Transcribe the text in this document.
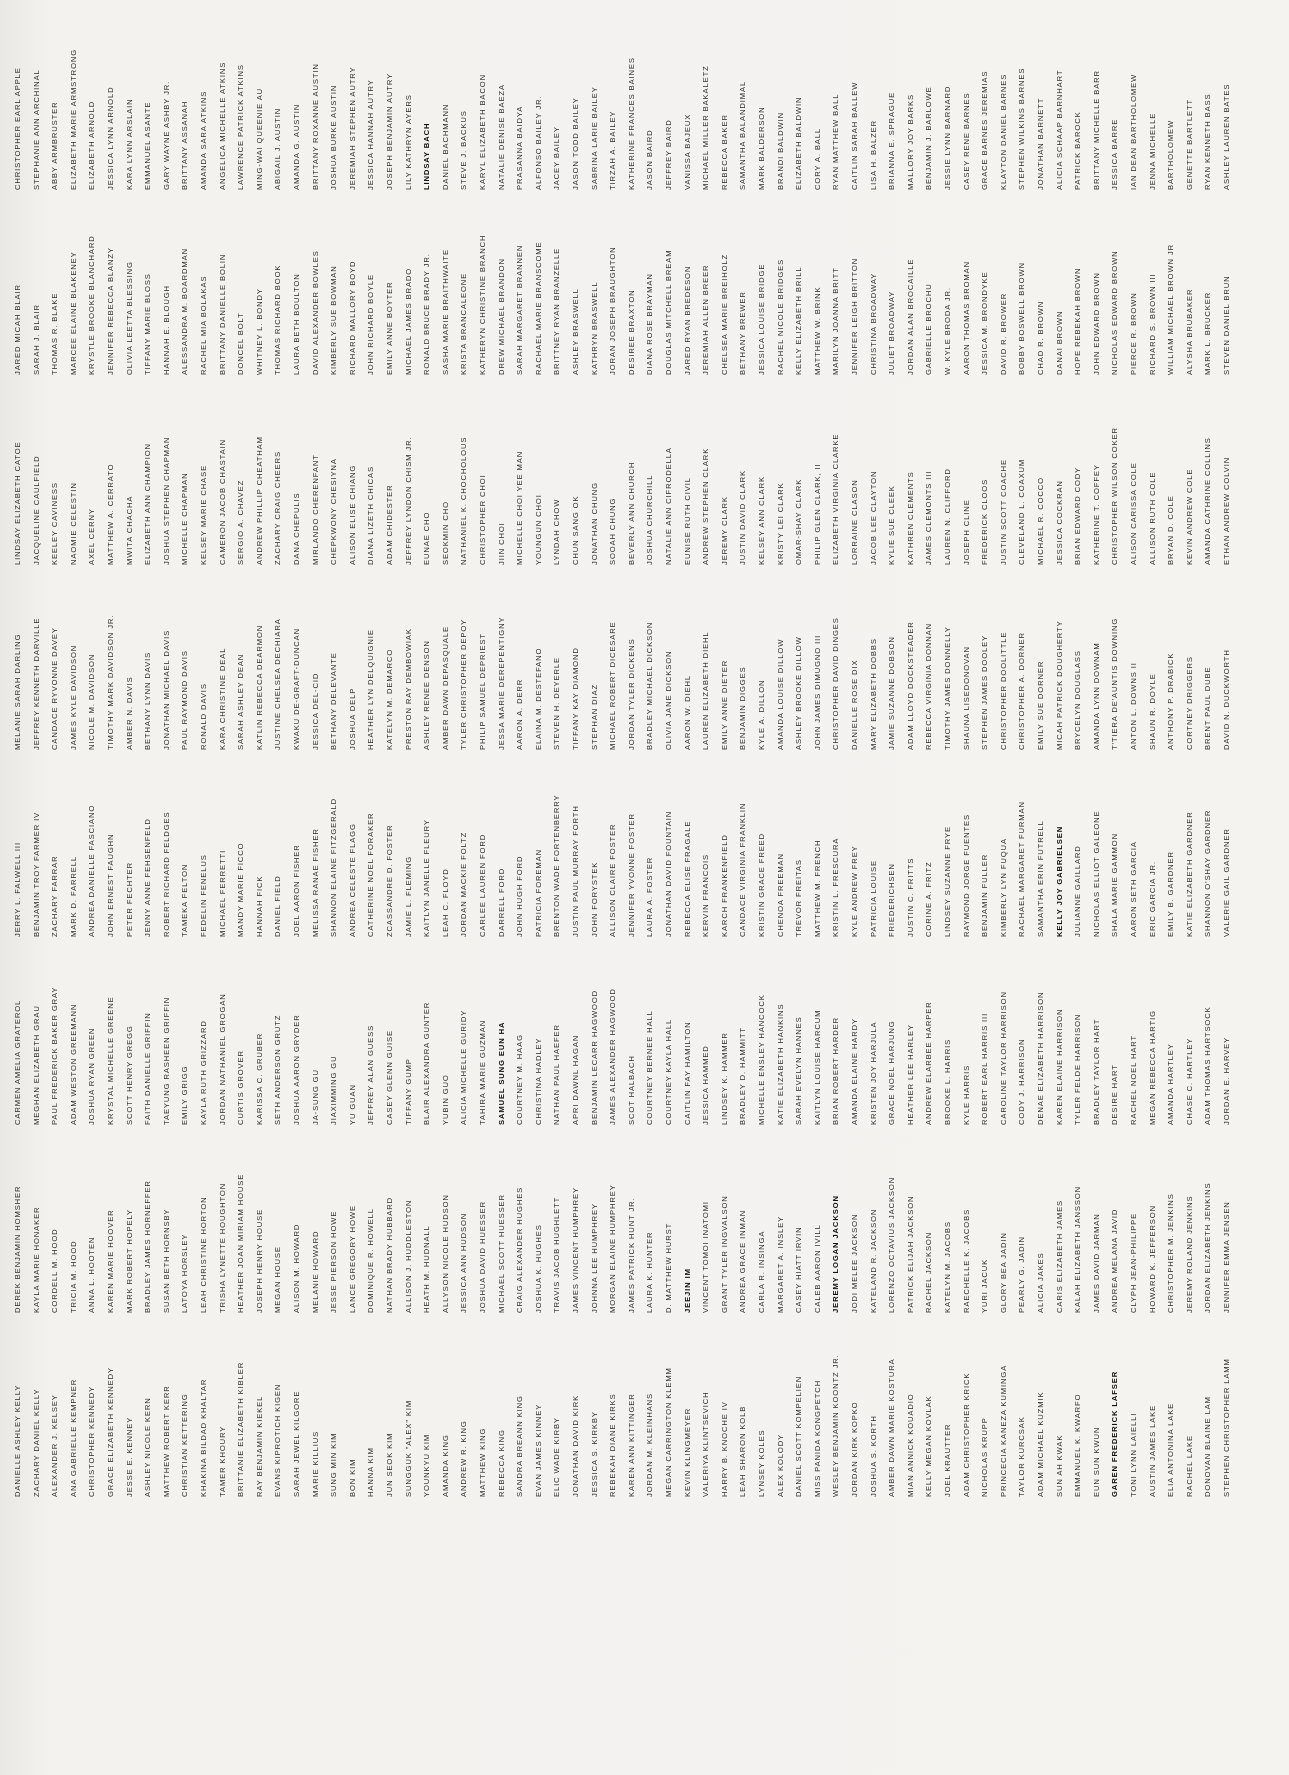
CHRISTOPHER EARL APPLE STEPHANIE ANN ARCHINAL ABBY ARMBRUSTER ELIZABETH MARIE ARMSTRONG ELIZABETH ARNOLD JESSICA LYNN ARNOLD KARA LYNN ARSLAIN EMMANUEL ASANTE GARY WAYNE ASHBY JR. BRITTANY ASSANAH AMANDA SARA ATKINS ANGELICA MICHELLE ATKINS LAWRENCE PATRICK ATKINS MING-WAI QUEENIE AU ABIGAIL J. AUSTIN AMANDA G. AUSTIN BRITTANY ROXANNE AUSTIN JOSHUA BURKE AUSTIN JEREMIAH STEPHEN AUTRY JESSICA HANNAH AUTRY JOSEPH BENJAMIN AUTRY LILY KATHRYN AYERS LINDSAY BACH DANIEL BACHMANN STEVE J. BACKUS KARYL ELIZABETH BACON NATALIE DENISE BAEZA PRASANNA BAIDYA ALFONSO BAILEY JR. JACEY BAILEY JASON TODD BAILEY SABRINA LARIE BAILEY TIRZAH A. BAILEY KATHERINE FRANCES BAINES JASON BAIRD JEFFREY BAIRD VANISSA BAJEUX MICHAEL MILLER BAKALETZ REBECCA BAKER SAMANTHA BALANDIMAL MARK BALDERSON BRANDI BALDWIN ELIZABETH BALDWIN CORY A. BALL RYAN MATTHEW BALL CAITLIN SARAH BALLEW LISA H. BALZER BRIANNA E. SPRAGUE MALLORY JOY BARKS BENJAMIN J. BARLOWE JESSIE LYNN BARNARD CASEY RENE BARNES GRACE BARNES JEREMIAS KLAYTON DANIEL BARNES STEPHEN WILKINS BARNES JONATHAN BARNETT ALICIA SCHAAP BARNHART PATRICK BAROCK BRITTANY MICHELLE BARR JESSICA BARRE IAN DEAN BARTHOLOMEW JENNA MICHELLE BARTHOLOMEW GENETTE BARTLETT RYAN KENNETH BASS ASHLEY LAUREN BATES
JARED MICAH BLAIR SARAH J. BLAIR THOMAS R. BLAKE MARCEE ELAINE BLAKENEY KRYSTLE BROOKE BLANCHARD JENNIFER REBECCA BLANZY OLIVIA LEETTA BLESSING TIFFANY MARIE BLOSS HANNAH E. BLOUGH ALESSANDRA M. BOARDMAN RACHEL MIA BOLAKAS BRITTANY DANIELLE BOLIN DONCEL BOLT WHITNEY L. BONDY THOMAS RICHARD BOOK LAURA BETH BOULTON DAVID ALEXANDER BOWLES KIMBERLY SUE BOWMAN RICHARD MALLORY BOYD JOHN RICHARD BOYLE EMILY ANNE BOYTER MICHAEL JAMES BRADO RONALD BRUCE BRADY JR. SASHA MARIE BRAITHWAITE KRISTA BRANCALEONE KATHERYN CHRISTINE BRANCH DREW MICHAEL BRANDON SARAH MARGARET BRANNEN RACHAEL MARIE BRANSCOME BRITTNEY RYAN BRANZELLE ASHLEY BRASWELL KATHRYN BRASWELL JORAN JOSEPH BRAUGHTON DESIREE BRAXTON DIANA ROSE BRAYMAN DOUGLAS MITCHELL BREAM JARED RYAN BREDESON JEREMIAH ALLEN BREER CHELSEA MARIE BREIHOLZ BETHANY BREWER JESSICA LOUISE BRIDGE RACHEL NICOLE BRIDGES KELLY ELIZABETH BRILL MATTHEW W. BRINK MARILYN JOANNA BRITT JENNIFER LEIGH BRITTON CHRISTINA BROADWAY JULIET BROADWAY JORDAN ALAN BROCAILLE GABRIELLE BROCHU W. KYLE BRODA JR. AARON THOMAS BROMAN JESSICA M. BRONDYKE DAVID R. BROWER BOBBY BOSWELL BROWN CHAD R. BROWN DANAI BROWN HOPE REBEKAH BROWN JOHN EDWARD BROWN NICHOLAS EDWARD BROWN PIERCE R. BROWN RICHARD S. BROWN III WILLIAM MICHAEL BROWN JR ALYSHA BRUBAKER MARK L. BRUCKER STEVEN DANIEL BRUN
LINDSAY ELIZABETH CATOE JACQUELINE CAULFIELD KEELEY CAVINESS NAOMIE CELESTIN AXEL CERNY MATTHEW A. CERRATO MWITA CHACHA ELIZABETH ANN CHAMPION JOSHUA STEPHEN CHAPMAN MICHELLE CHAPMAN KELSEY MARIE CHASE CAMERON JACOB CHASTAIN SERGIO A. CHAVEZ ANDREW PHILLIP CHEATHAM ZACHARY CRAIG CHEERS DANA CHEPULIS MIRLANDO CHERENFANT CHEPKWONY CHESIYNA ALISON ELISE CHIANG DIANA LIZETH CHICAS ADAM CHIDESTER JEFFREY LYNDON CHISM JR. EUNAE CHO SEOKMIN CHO NATHANIEL K. CHOCHOLOUS CHRISTOPHER CHOI JIIN CHOI MICHELLE CHOI YEE MAN YOUNGUN CHOI LYNDAH CHOW CHUN SANG OK JONATHAN CHUNG SOOAH CHUNG BEVERLY ANN CHURCH JOSHUA CHURCHILL NATALIE ANN CIFRODELLA EUNISE RUTH CIVIL ANDREW STEPHEN CLARK JEREMY CLARK JUSTIN DAVID CLARK KELSEY ANN CLARK KRISTY LEI CLARK OMAR-SHAY CLARK PHILIP GLEN CLARK, II ELIZABETH VIRGINIA CLARKE LORRAINE CLASON JACOB LEE CLAYTON KYLIE SUE CLEEK KATHREN CLEMENTS JAMES CLEMONTS III LAUREN N. CLIFFORD JOSEPH CLINE FREDERICK CLOOS JUSTIN SCOTT COACHE CLEVELAND L. COAXUM MICHAEL R. COCCO JESSICA COCKRAN BRIAN EDWARD CODY KATHERINE T. COFFEY CHRISTOPHER WILSON COKER ALISON CARISSA COLE ALLISON RUTH COLE BRYAN D. COLE KEVIN ANDREW COLE AMANDA CATHRINE COLLINS ETHAN ANDREW COLVIN
MELANIE SARAH DARLING JEFFREY KENNETH DARVILLE CANDACE RYVONNE DAVEY JAMES KYLE DAVIDSON NICOLE M. DAVIDSON TIMOTHY MARK DAVIDSON JR. AMBER N. DAVIS BETHANY LYNN DAVIS JONATHAN MICHAEL DAVIS PAUL RAYMOND DAVIS RONALD DAVIS KARA CHRISTINE DEAL SARAH ASHLEY DEAN KATLIN REBECCA DEARMON JUSTINE CHELSEA DECHIARA KWAKU DE-GRAFT-DUNCAN JESSICA DEL-CID BETHANY DELEVANTE JOSHUA DELP HEATHER LYN DELQUIGNIE KATELYN M. DEMARCO PRESTON RAY DEMBOWIAK ASHLEY RENEE DENSON AMBER DAWN DEPASQUALE TYLER CHRISTOPHER DEPOY PHILIP SAMUEL DEPRIEST JESSA MARIE DEREPENTIGNY AARON A. DERR ELAINA M. DESTEFANO STEVEN H. DEYERLE TIFFANY KAY DIAMOND STEPHAN DIAZ MICHAEL ROBERT DICESARE JORDAN TYLER DICKENS BRADLEY MICHAEL DICKSON OLIVIA JANE DICKSON AARON W. DIEHL LAUREN ELIZABETH DIEHL EMILY ANNE DIETER BENJAMIN DIGGES KYLE A. DILLON AMANDA LOUISE DILLOW ASHLEY BROOKE DILLOW JOHN JAMES DIMUGNO III CHRISTOPHER DAVID DINGES DANIELLE ROSE DIX MARY ELIZABETH DOBBS JAMIE SUZANNE DOBSON ADAM LLOYD DOCKSTEADER REBECCA VIRGINIA DONNAN TIMOTHY JAMES DONNELLY SHAUNA LISEDONOVAN STEPHEN JAMES DOOLEY CHRISTOPHER DOOLITTLE CHRISTOPHER A. DORNER EMILY SUE DORNER MICAH PATRICK DOUGHERTY BRYCELYN DOUGLASS AMANDA LYNN DOWNAM T'TIERA DE'AUNTIS DOWNING ANTON L. DOWNS II SHAUN R. DOYLE ANTHONY P. DRABICK CORTNEY DRIGGERS BRENT PAUL DUBE DAVID N. DUCKWORTH
JERRY L. FALWELL III BENJAMIN TROY FARMER IV ZACHARY FARRAR MARK D. FARRELL ANDREA DANIELLE FASCIANO JOHN ERNEST FAUGHN PETER FECHTER JENNY ANNE FEHSENFELD ROBERT RICHARD FELDGES TAMEKA FELTON FEDELIN FENELUS MICHAEL FERRETTI MANDY MARIE FICCO HANNAH FICK DANIEL FIELD JOEL AARON FISHER MELISSA RANAE FISHER SHANNON ELAINE FITZGERALD ANDREA CELESTE FLAGG CATHERINE NOEL FORAKER ZCASSANDRE D. FOSTER JAMIE L. FLEMING KAITLYN JANELLE FLEURY LEAH C. FLOYD JORDAN MACKIE FOLTZ CARLEE LAUREN FORD DARRELL FORD JOHN HUGH FORD PATRICIA FOREMAN BRENTON WADE FORTENBERRY JUSTIN PAUL MURRAY FORTH JOHN FORYSTEK ALLISON CLAIRE FOSTER JENNIFER YVONNE FOSTER LAURA A. FOSTER JONATHAN DAVID FOUNTAIN REBECCA ELISE FRAGALE KERVIN FRANCOIS KARCH FRANKENFIELD CANDACE VIRGINIA FRANKLIN KRISTIN GRACE FREED CHENOA FREEMAN TREVOR FREITAS MATTHEW M. FRENCH KRISTIN L. FRESCURA KYLE ANDREW FREY PATRICIA LOUISE FRIEDERICHSEN JUSTIN C. FRITTS CORINE A. FRITZ LINDSEY SUZANNE FRYE RAYMOND JORGE FUENTES BENJAMIN FULLER KIMBERLY LYN FUQUA RACHAEL MARGARET FURMAN SAMANTHA ERIN FUTRELL KELLY JOY GABRIELSEN JULIANNE GAILLARD NICHOLAS ELLIOT GALEONE SHALA MARIE GAMMON AARON SETH GARCIA ERIC GARCIA JR. EMILY B. GARDNER KATIE ELIZABETH GARDNER SHANNON O'SHAY GARDNER VALERIE GAIL GARDNER
CARMEN AMELIA GRATEROL MEGHAN ELIZABETH GRAU PAUL FREDERICK BAKER GRAY ADAM WESTON GREEMANN JOSHUA RYAN GREEN KRYSTAL MICHELLE GREENE SCOTT HENRY GREGG FAITH DANIELLE GRIFFIN TAEYUNG RASHEEN GRIFFIN EMILY GRIGG KAYLA RUTH GRIZZARD JORDAN NATHANIEL GROGAN CURTIS GROVER KARISSA C. GRUBER SETH ANDERSON GRUTZ JOSHUA AARON GRYDER JA-SUNG GU JIAXIMMING GU YU GUAN JEFFREY ALAN GUESS CASEY GLENN GUISE TIFFANY GUMP BLAIR ALEXANDRA GUNTER YUBIN GUO ALICIA MICHELLE GURIDY TAHIRA MARIE GUZMAN SAMUEL SUNG EUN HA COURTNEY M. HAAG CHRISTINA HADLEY NATHAN PAUL HAEFER APRI DAWNL HAGAN BENJAMIN LECARR HAGWOOD JAMES ALEXANDER HAGWOOD SCOT HALBACH COURTNEY BERNEE HALL COURTNEY KAYLA HALL CAITLIN FAY HAMILTON JESSICA HAMMED LINDSEY K. HAMMER BRADLEY D. HAMMITT MICHELLE ENSLEY HANCOCK KATIE ELIZABETH HANKINS SARAH EVELYN HANNES KAITLYN LOUISE HARCUM BRIAN ROBERT HARDER AMANDA ELAINE HARDY KRISTEN JOY HARJULA GRACE NOEL HARJUNG HEATHER LEE HARLEY ANDREW ELARBEE HARPER BROOKE L. HARRIS KYLE HARRIS ROBERT EARL HARRIS III CAROLINE TAYLOR HARRISON CODY J. HARRISON DENAE ELIZABETH HARRISON KAREN ELAINE HARRISON TYLER FELDE HARRISON BRADLEY TAYLOR HART DESIRE HART RACHEL NOEL HART MEGAN REBECCA HARTIG AMANDA HARTLEY CHASE C. HARTLEY ADAM THOMAS HARTSOCK JORDAN E. HARVEY
DEREK BENJAMIN HOMSHER KAYLA MARIE HONAKER CORDELL M. HOOD TRICIA M. HOOD ANNA L. HOOTEN KAREN MARIE HOOVER MARK ROBERT HOPELY BRADLEY JAMES HORNEFFER SUSAN BETH HORNSBY LATOYA HORSLEY LEAH CHRISTINE HORTON TRISHA LYNETTE HOUGHTON HEATHER JOAN MIRIAM HOUSE JOSEPH HENRY HOUSE MEGAN HOUSE ALISON M. HOWARD MELANIE HOWARD JESSE PIERSON HOWE LANCE GREGORY HOWE DOMINIQUE R. HOWELL NATHAN BRADY HUBBARD ALLISON J. HUDDLESTON HEATH M. HUDNALL ALLYSON NICOLE HUDSON JESSICA ANN HUDSON JOSHUA DAVID HUESSER MICHAEL SCOTT HUESSER CRAIG ALEXANDER HUGHES JOSHUA K. HUGHES TRAVIS JACOB HUGHLETT JAMES VINCENT HUMPHREY JOHNNA LEE HUMPHREY MORGAN ELAINE HUMPHREY JAMES PATRICK HUNT JR. LAURA K. HUNTER D. MATTHEW HURST JEEJIN IM VINCENT TOMOI INATOMI GRANT TYLER INGVALSON ANDREA GRACE INMAN CARLA R. INSINGA MARGARET A. INSLEY CASEY HIATT IRVIN CALEB AARON IVILL JEREMY LOGAN JACKSON JODI MELEE JACKSON KATELAND R. JACKSON LORENZO OCTAVIUS JACKSON PATRICK ELIJAH JACKSON RACHEL JACKSON KATELYN M. JACOBS RAECHELLE K. JACOBS YURI JACUK GLORY BEA JADIN PEARLY G. JADIN ALICIA JAKES CARIS ELIZABETH JAMES KALAH ELIZABETH JANSSON JAMES DAVID JARMAN ANDREA MELANA JAVID CLYPH JEAN-PHILIPPE HOWARD K. JEFFERSON CHRISTOPHER M. JENKINS JEREMY ROLAND JENKINS JORDAN ELIZABETH JENKINS JENNIFER EMMA JENSEN
DANIELLE ASHLEY KELLY ZACHARY DANIEL KELLY ALEXANDER J. KELSEY ANA GABRIELLE KEMPNER CHRISTOPHER KENNEDY GRACE ELIZABETH KENNEDY JESSE E. KENNEY ASHLEY NICOLE KERN MATTHEW ROBERT KERR CHRISTIAN KETTERING KHAKINA BILDAD KHALTAR TAMER KHOURY BRITTANIE ELIZABETH KIBLER RAY BENJAMIN KIEKEL EVANS KIPROTICH KIGEN SARAH JEWEL KILGORE MARIE KILLIUS SUNG MIN KIM BON KIM HANNA KIM JUN SEOK KIM SUNGGUK "ALEX" KIM YOUNKYU KIM AMANDA KING ANDREW R. KING MATTHEW KING REBECCA KING SANDRA BREANN KING EVAN JAMES KINNEY ELIC WADE KIRBY JONATHAN DAVID KIRK JESSICA S. KIRKBY REBEKAH DIANE KIRKS KAREN ANN KITTINGER JORDAN M. KLEINHANS MEGAN CARRINGTON KLEMM KEVIN KLINGMEYER VALERIYA KLINTSEVICH HARRY B. KNOCHE IV LEAH SHARON KOLB LYNSEY KOLES ALEX KOLODY DANIEL SCOTT KOMPELIEN MISS PANIDA KONGPETCH WESLEY BENJAMIN KOONTZ JR. JORDAN KIRK KOPKO JOSHUA S. KORTH AMBER DAWN MARIE KOSTURA MIAN ANNICK KOUADIO KELLY MEGAN KOVLAK JOEL KRAUTTER ADAM CHRISTOPHER KRICK NICHOLAS KRUPP PRINCECIA KANEZA KUMINGA TAYLOR KURCSAK ADAM MICHAEL KUZMIK SUN AH KWAK EMMANUEL K. KWARFO EUN SUN KWUN GAREN FREDERICK LAFSER TONI LYNN LAIELLI AUSTIN JAMES LAKE ELIA ANTONINA LAKE RACHEL LAKE DONOVAN BLAINE LAM STEPHEN CHRISTOPHER LAMM
